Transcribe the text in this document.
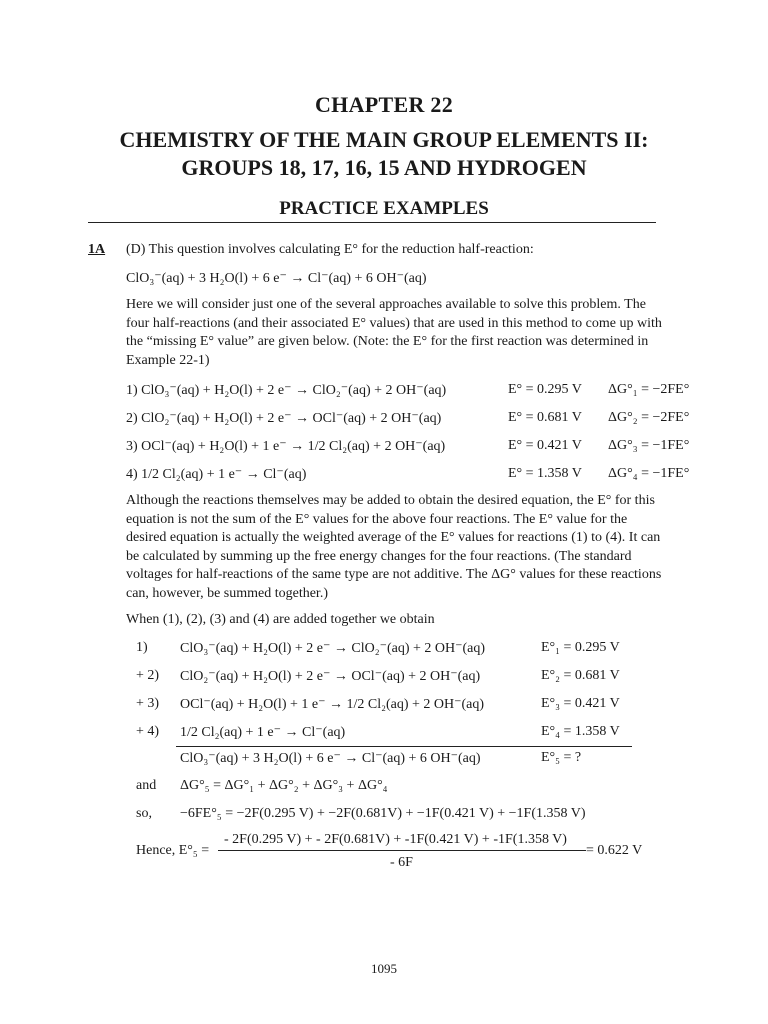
CHAPTER 22
CHEMISTRY OF THE MAIN GROUP ELEMENTS II:
GROUPS 18, 17, 16, 15 AND HYDROGEN
PRACTICE EXAMPLES
1A (D) This question involves calculating E° for the reduction half-reaction:
ClO₃⁻(aq) + 3 H₂O(l) + 6 e⁻ → Cl⁻(aq) + 6 OH⁻(aq)
Here we will consider just one of the several approaches available to solve this problem. The four half-reactions (and their associated E° values) that are used in this method to come up with the “missing E° value” are given below. (Note: the E° for the first reaction was determined in Example 22-1)
1) ClO₃⁻(aq) + H₂O(l) + 2 e⁻ → ClO₂⁻(aq) + 2 OH⁻(aq)	E° = 0.295 V ΔG°₁ = −2FE°
2) ClO₂⁻(aq) + H₂O(l) + 2 e⁻ → OCl⁻(aq) + 2 OH⁻(aq)	E° = 0.681 V ΔG°₂ = −2FE°
3) OCl⁻(aq) + H₂O(l) + 1 e⁻ → 1/2 Cl₂(aq) + 2 OH⁻(aq)	E° = 0.421 V ΔG°₃ = −1FE°
4) 1/2 Cl₂(aq) + 1 e⁻ → Cl⁻(aq)	E° = 1.358 V ΔG°₄ = −1FE°
Although the reactions themselves may be added to obtain the desired equation, the E° for this equation is not the sum of the E° values for the above four reactions. The E° value for the desired equation is actually the weighted average of the E° values for reactions (1) to (4). It can be calculated by summing up the free energy changes for the four reactions. (The standard voltages for half-reactions of the same type are not additive. The ΔG° values for these reactions can, however, be summed together.)
When (1), (2), (3) and (4) are added together we obtain
1) ClO₃⁻(aq) + H₂O(l) + 2 e⁻ → ClO₂⁻(aq) + 2 OH⁻(aq)	E°₁ = 0.295 V
+ 2) ClO₂⁻(aq) + H₂O(l) + 2 e⁻ → OCl⁻(aq) + 2 OH⁻(aq)	E°₂ = 0.681 V
+ 3) OCl⁻(aq) + H₂O(l) + 1 e⁻ → 1/2 Cl₂(aq) + 2 OH⁻(aq)	E°₃ = 0.421 V
+ 4) 1/2 Cl₂(aq) + 1 e⁻ → Cl⁻(aq)	E°₄ = 1.358 V
ClO₃⁻(aq) + 3 H₂O(l) + 6 e⁻ → Cl⁻(aq) + 6 OH⁻(aq)	E°₅ = ?
and ΔG°₅ = ΔG°₁ + ΔG°₂ + ΔG°₃ + ΔG°₄
so, −6FE°₅ = −2F(0.295 V) + −2F(0.681V) + −1F(0.421 V) + −1F(1.358 V)
Hence, E°₅ =
- 2F(0.295 V) + - 2F(0.681V) + -1F(0.421 V) + -1F(1.358 V)
- 6F
= 0.622 V
1095
